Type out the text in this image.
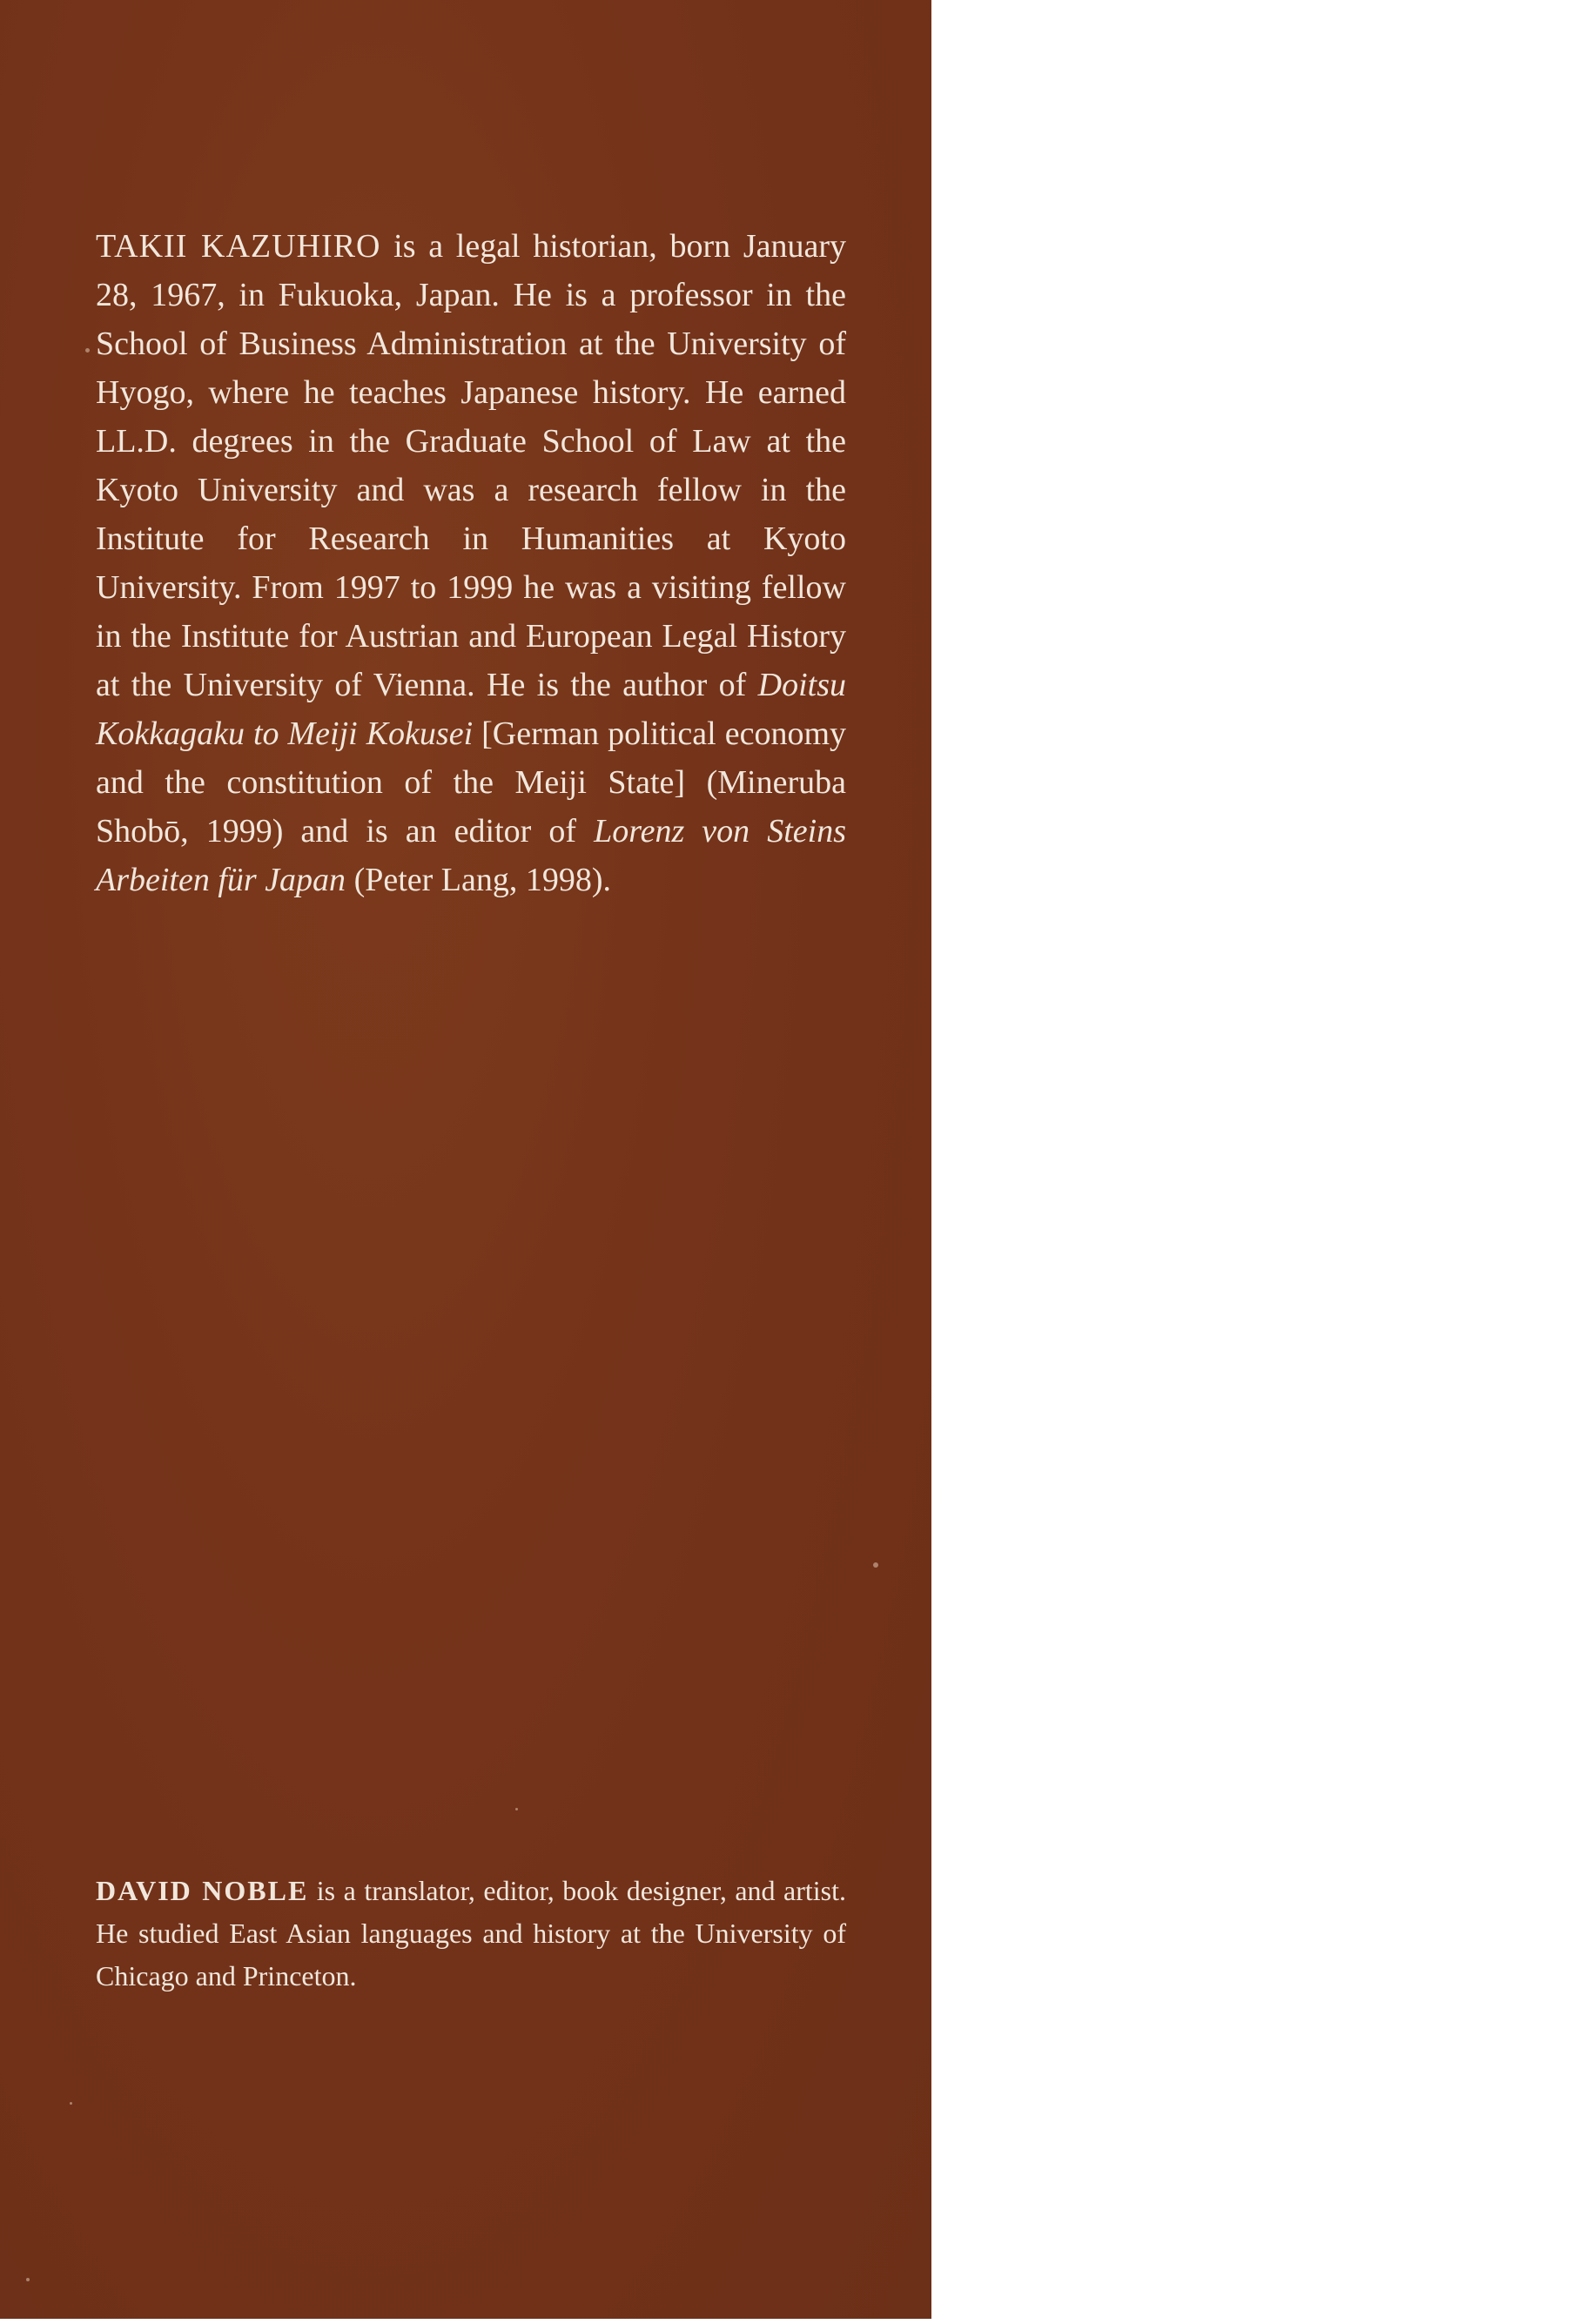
TAKII KAZUHIRO is a legal historian, born January 28, 1967, in Fukuoka, Japan. He is a professor in the School of Business Administration at the University of Hyogo, where he teaches Japanese history. He earned LL.D. degrees in the Graduate School of Law at the Kyoto University and was a research fellow in the Institute for Research in Humanities at Kyoto University. From 1997 to 1999 he was a visiting fellow in the Institute for Austrian and European Legal History at the University of Vienna. He is the author of Doitsu Kokkagaku to Meiji Kokusei [German political economy and the constitution of the Meiji State] (Mineruba Shobō, 1999) and is an editor of Lorenz von Steins Arbeiten für Japan (Peter Lang, 1998).

DAVID NOBLE is a translator, editor, book designer, and artist. He studied East Asian languages and history at the University of Chicago and Princeton.
